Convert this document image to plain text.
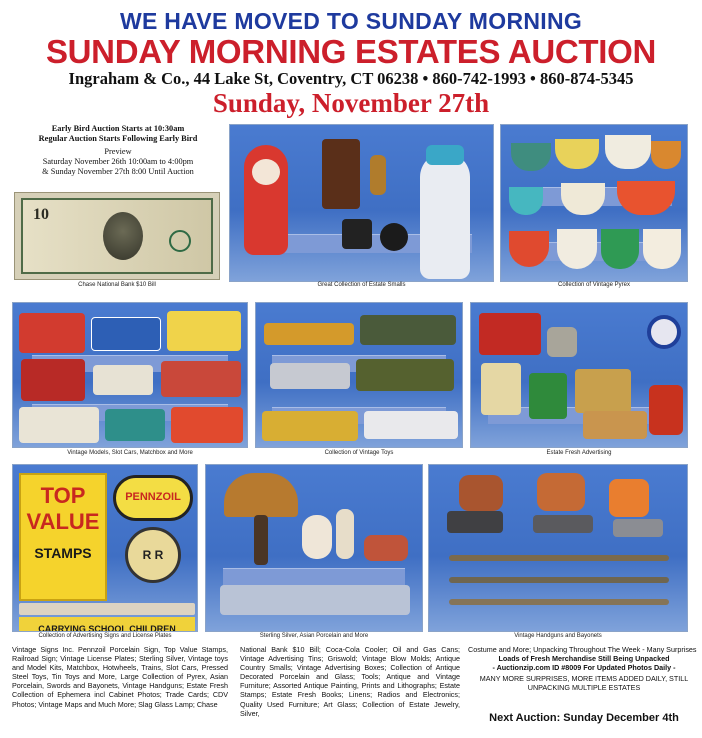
WE HAVE MOVED TO SUNDAY MORNING
SUNDAY MORNING ESTATES AUCTION
Ingraham & Co., 44 Lake St, Coventry, CT 06238 • 860-742-1993 • 860-874-5345
Sunday, November 27th
Early Bird Auction Starts at 10:30am
Regular Auction Starts Following Early Bird
Preview
Saturday November 26th 10:00am to 4:00pm
& Sunday November 27th 8:00 Until Auction
10
Chase National Bank $10 Bill	Great Collection of Estate Smalls	Collection of Vintage Pyrex
Vintage Models, Slot Cars, Matchbox and More	Collection of Vintage Toys	Estate Fresh Advertising
TOP
VALUE
STAMPS
PENNZOIL
R R
CARRYING SCHOOL CHILDREN
Collection of Advertising Signs and License Plates	Sterling Silver, Asian Porcelain and More	Vintage Handguns and Bayonets
Vintage Signs Inc. Pennzoil Porcelain Sign, Top Value Stamps, Railroad Sign; Vintage License Plates; Sterling Silver, Vintage toys and Model Kits, Matchbox, Hotwheels, Trains, Slot Cars, Pressed Steel Toys, Tin Toys and More, Large Collection of Pyrex, Asian Porcelain, Swords and Bayonets, Vintage Handguns; Estate Fresh Collection of Ephemera incl Cabinet Photos; Trade Cards; CDV Photos; Vintage Maps and Much More; Slag Glass Lamp; Chase
National Bank $10 Bill; Coca-Cola Cooler; Oil and Gas Cans; Vintage Advertising Tins; Griswold; Vintage Blow Molds; Antique Country Smalls; Vintage Advertising Boxes; Collection of Antique Decorated Porcelain and Glass; Tools; Antique and Vintage Furniture; Assorted Antique Painting, Prints and Lithographs; Estate Stamps; Estate Fresh Books; Linens; Radios and Electronics; Quality Used Furniture; Art Glass; Collection of Estate Jewelry, Silver,
Costume and More; Unpacking Throughout The Week - Many Surprises
Loads of Fresh Merchandise Still Being Unpacked
- Auctionzip.com ID #8009 For Updated Photos Daily -
MANY MORE SURPRISES, MORE ITEMS ADDED DAILY, STILL UNPACKING MULTIPLE ESTATES
Next Auction: Sunday December 4th
